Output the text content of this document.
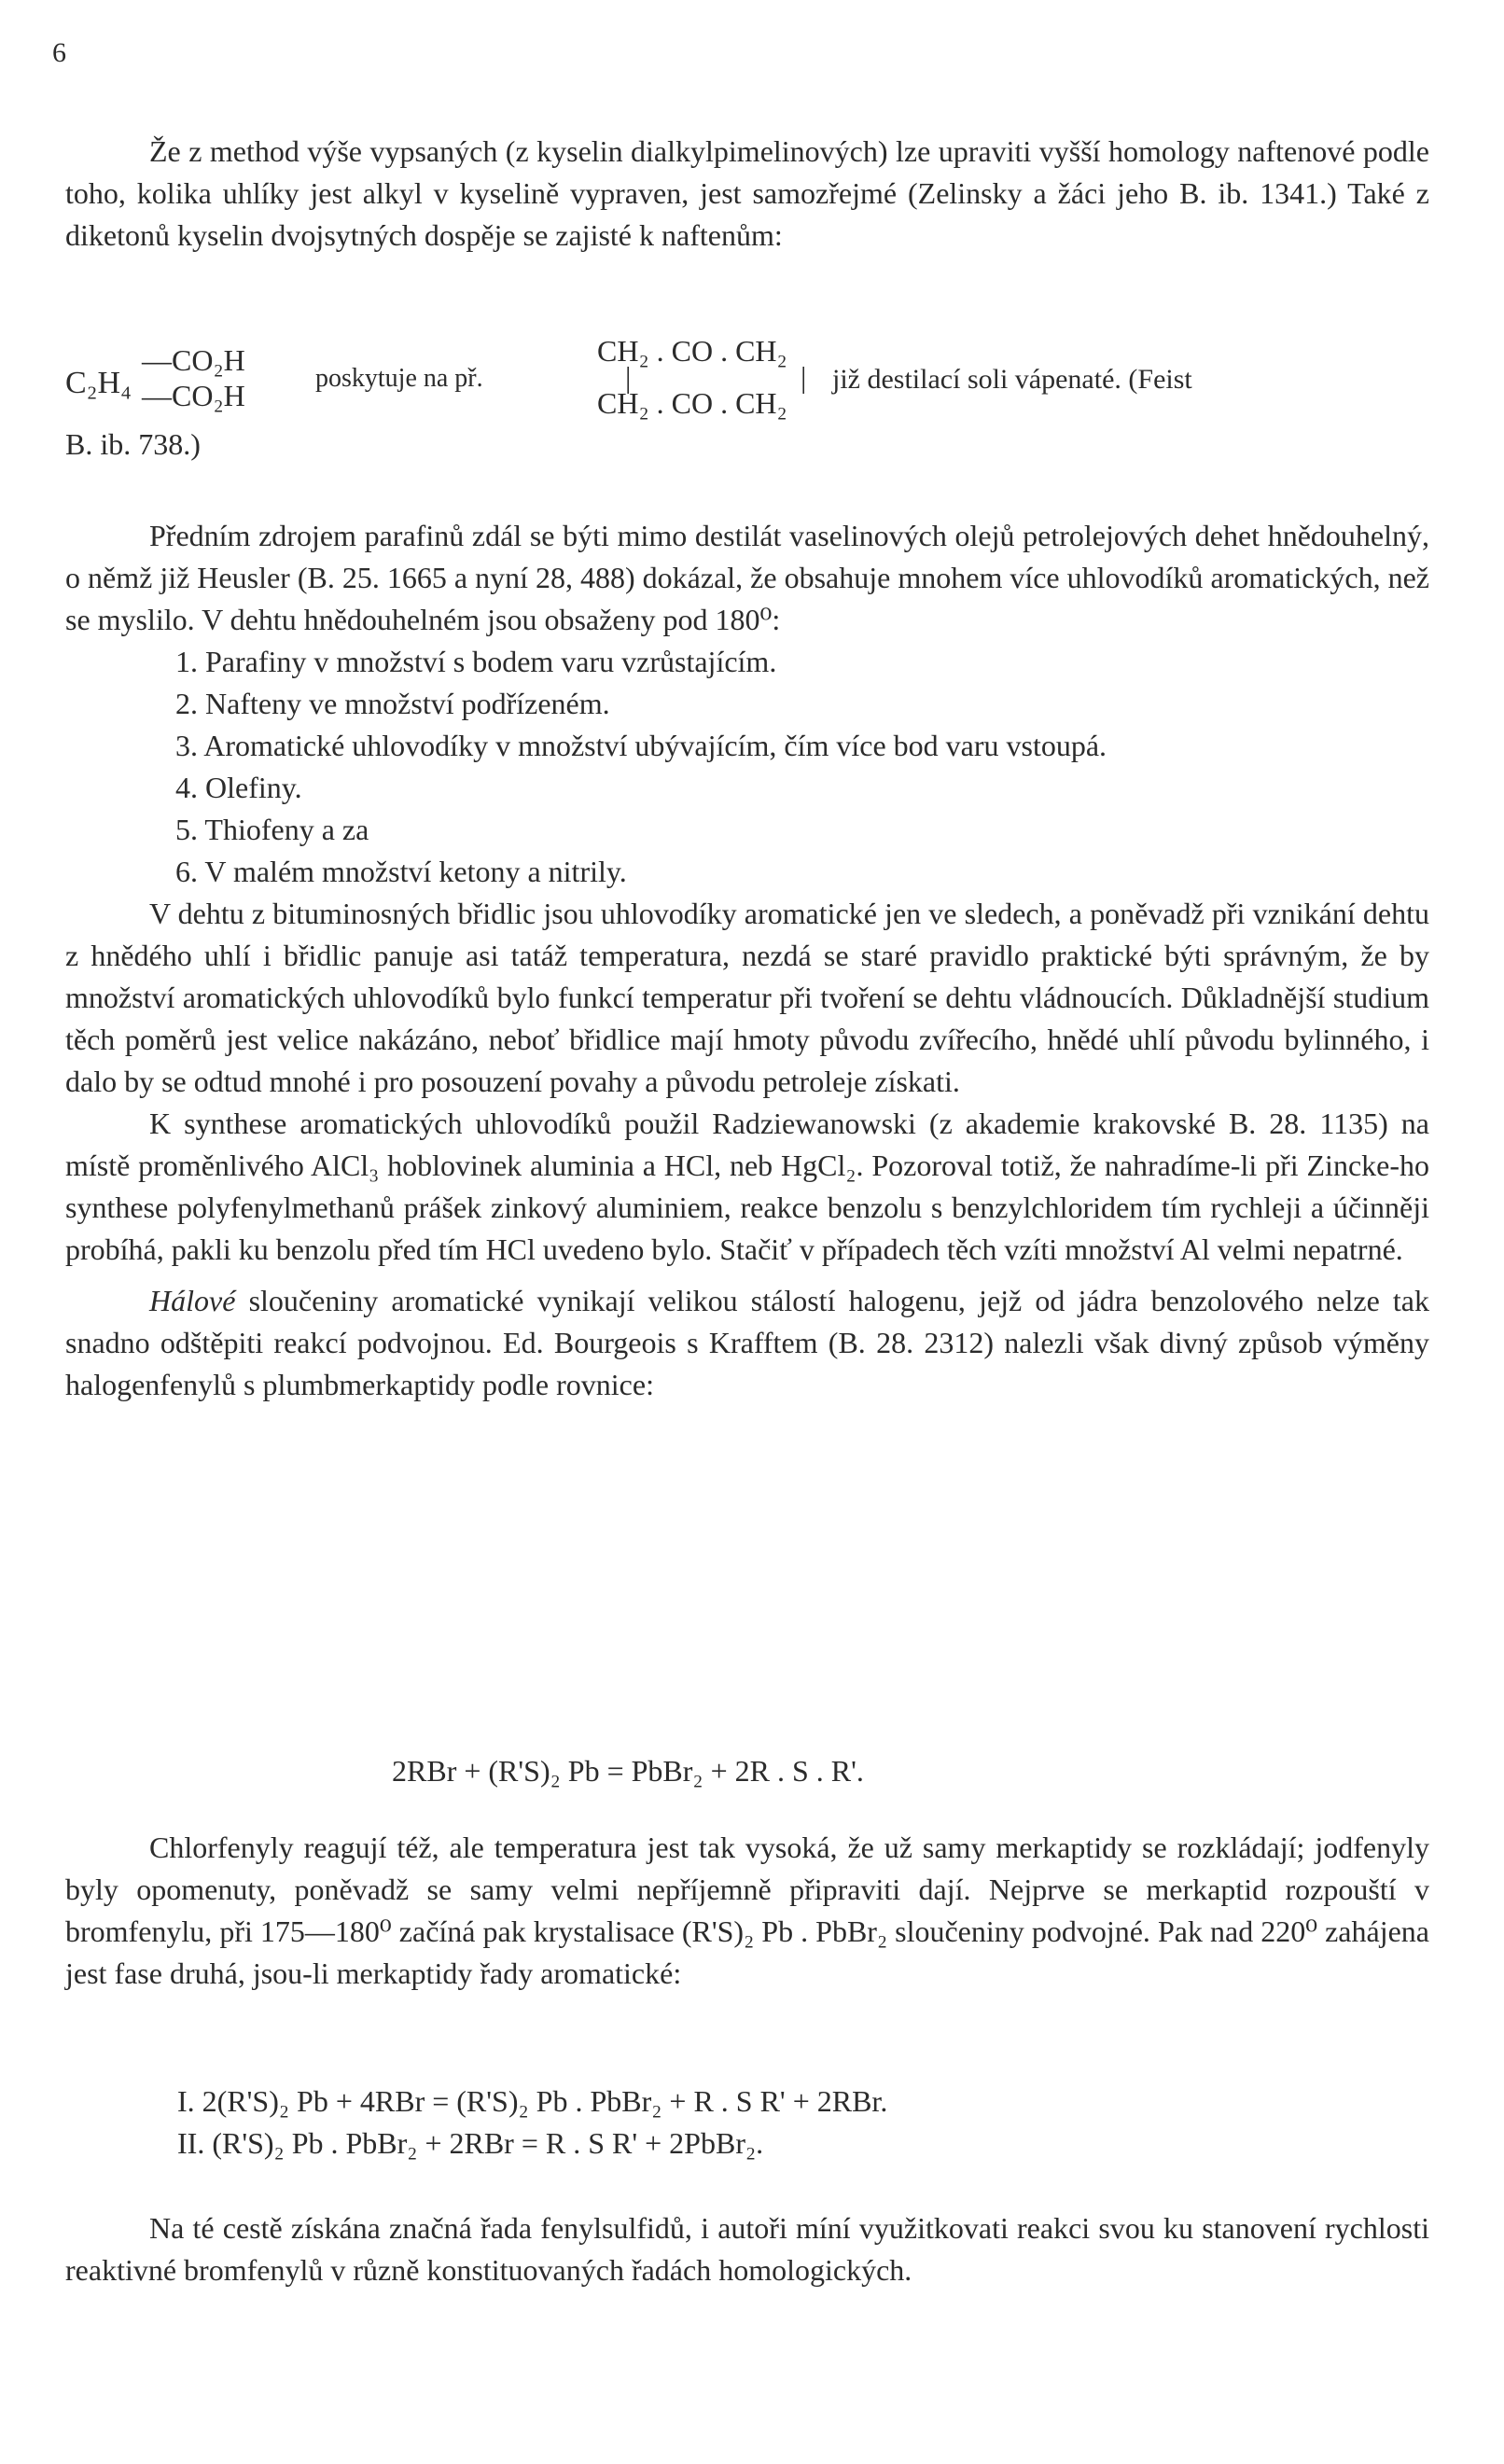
6

Že z method výše vypsaných (z kyselin dialkylpimelinových) lze upraviti vyšší homology naftenové podle toho, kolika uhlíky jest alkyl v kyselině vypraven, jest samozřejmé (Zelinsky a žáci jeho B. ib. 1341.) Také z diketonů kyselin dvojsytných dospěje se zajisté k naftenům:

C₂H₄
—CO₂H
—CO₂H
poskytuje na př.
CH₂ . CO . CH₂
|	|
CH₂ . CO . CH₂
již destilací soli vápenaté. (Feist
B. ib. 738.)

Předním zdrojem parafinů zdál se býti mimo destilát vaselinových olejů petrolejových dehet hnědouhelný, o němž již Heusler (B. 25. 1665 a nyní 28, 488) dokázal, že obsahuje mnohem více uhlovodíků aromatických, než se myslilo. V dehtu hnědouhelném jsou obsaženy pod 180⁰:

1. Parafiny v množství s bodem varu vzrůstajícím.
2. Nafteny ve množství podřízeném.
3. Aromatické uhlovodíky v množství ubývajícím, čím více bod varu vstoupá.
4. Olefiny.
5. Thiofeny a za
6. V malém množství ketony a nitrily.

V dehtu z bituminosných břidlic jsou uhlovodíky aromatické jen ve sledech, a poněvadž při vznikání dehtu z hnědého uhlí i břidlic panuje asi tatáž temperatura, nezdá se staré pravidlo praktické býti správným, že by množství aromatických uhlovodíků bylo funkcí temperatur při tvoření se dehtu vládnoucích. Důkladnější studium těch poměrů jest velice nakázáno, neboť břidlice mají hmoty původu zvířecího, hnědé uhlí původu bylinného, i dalo by se odtud mnohé i pro posouzení povahy a původu petroleje získati.

K synthese aromatických uhlovodíků použil Radziewanowski (z akademie krakovské B. 28. 1135) na místě proměnlivého AlCl₃ hoblovinek aluminia a HCl, neb HgCl₂. Pozoroval totiž, že nahradíme-li při Zincke-ho synthese polyfenylmethanů prášek zinkový aluminiem, reakce benzolu s benzylchloridem tím rychleji a účinněji probíhá, pakli ku benzolu před tím HCl uvedeno bylo. Stačiť v případech těch vzíti množství Al velmi nepatrné.

Hálové sloučeniny aromatické vynikají velikou stálostí halogenu, jejž od jádra benzolového nelze tak snadno odštěpiti reakcí podvojnou. Ed. Bourgeois s Krafftem (B. 28. 2312) nalezli však divný způsob výměny halogenfenylů s plumbmerkaptidy podle rovnice:

2RBr + (R'S)₂ Pb = PbBr₂ + 2R . S . R'.

Chlorfenyly reagují též, ale temperatura jest tak vysoká, že už samy merkaptidy se rozkládají; jodfenyly byly opomenuty, poněvadž se samy velmi nepříjemně připraviti dají. Nejprve se merkaptid rozpouští v bromfenylu, při 175—180⁰ začíná pak krystalisace (R'S)₂ Pb . PbBr₂ sloučeniny podvojné. Pak nad 220⁰ zahájena jest fase druhá, jsou-li merkaptidy řady aromatické:

I. 2(R'S)₂ Pb + 4RBr = (R'S)₂ Pb . PbBr₂ + R . S R' + 2RBr.
II. (R'S)₂ Pb . PbBr₂ + 2RBr = R . S R' + 2PbBr₂.

Na té cestě získána značná řada fenylsulfidů, i autoři míní využitkovati reakci svou ku stanovení rychlosti reaktivné bromfenylů v různě konstituovaných řadách homologických.
